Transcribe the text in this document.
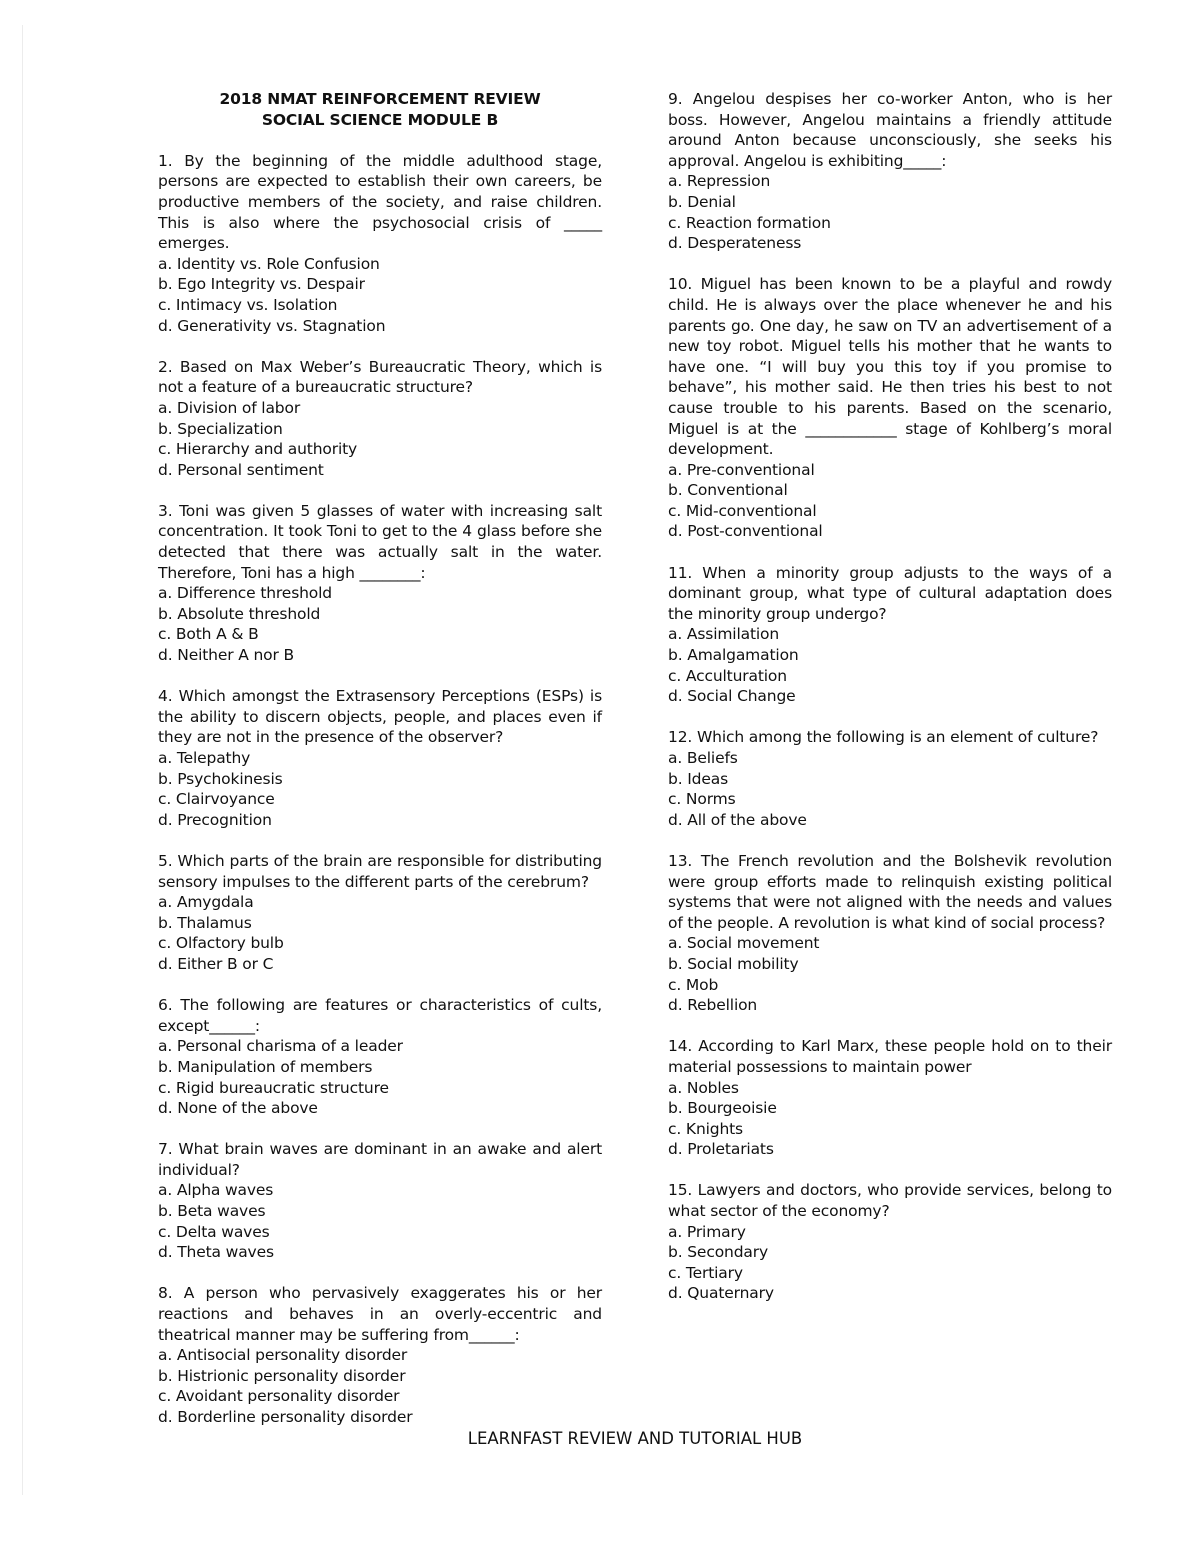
2018 NMAT REINFORCEMENT REVIEW

SOCIAL SCIENCE MODULE B

1. By the beginning of the middle adulthood stage, persons are expected to establish their own careers, be productive members of the society, and raise children. This is also where the psychosocial crisis of _____ emerges.

a. Identity vs. Role Confusion

b. Ego Integrity vs. Despair

c. Intimacy vs. Isolation

d. Generativity vs. Stagnation

2. Based on Max Weber’s Bureaucratic Theory, which is not a feature of a bureaucratic structure?

a. Division of labor

b. Specialization

c. Hierarchy and authority

d. Personal sentiment

3. Toni was given 5 glasses of water with increasing salt concentration. It took Toni to get to the 4 glass before she detected that there was actually salt in the water. Therefore, Toni has a high ________:

a. Difference threshold

b. Absolute threshold

c. Both A & B

d. Neither A nor B

4. Which amongst the Extrasensory Perceptions (ESPs) is the ability to discern objects, people, and places even if they are not in the presence of the observer?

a. Telepathy

b. Psychokinesis

c. Clairvoyance

d. Precognition

5. Which parts of the brain are responsible for distributing sensory impulses to the different parts of the cerebrum?

a. Amygdala

b. Thalamus

c. Olfactory bulb

d. Either B or C

6. The following are features or characteristics of cults, except______:

a. Personal charisma of a leader

b. Manipulation of members

c. Rigid bureaucratic structure

d. None of the above

7. What brain waves are dominant in an awake and alert individual?

a. Alpha waves

b. Beta waves

c. Delta waves

d. Theta waves

8. A person who pervasively exaggerates his or her reactions and behaves in an overly-eccentric and theatrical manner may be suffering from______:

a. Antisocial personality disorder

b. Histrionic personality disorder

c. Avoidant personality disorder

d. Borderline personality disorder

9. Angelou despises her co-worker Anton, who is her boss. However, Angelou maintains a friendly attitude around Anton because unconsciously, she seeks his approval. Angelou is exhibiting_____:

a. Repression

b. Denial

c. Reaction formation

d. Desperateness

10. Miguel has been known to be a playful and rowdy child. He is always over the place whenever he and his parents go. One day, he saw on TV an advertisement of a new toy robot. Miguel tells his mother that he wants to have one. “I will buy you this toy if you promise to behave”, his mother said. He then tries his best to not cause trouble to his parents. Based on the scenario, Miguel is at the ____________ stage of Kohlberg’s moral development.

a. Pre-conventional

b. Conventional

c. Mid-conventional

d. Post-conventional

11. When a minority group adjusts to the ways of a dominant group, what type of cultural adaptation does the minority group undergo?

a. Assimilation

b. Amalgamation

c. Acculturation

d. Social Change

12. Which among the following is an element of culture?

a. Beliefs

b. Ideas

c. Norms

d. All of the above

13. The French revolution and the Bolshevik revolution were group efforts made to relinquish existing political systems that were not aligned with the needs and values of the people. A revolution is what kind of social process?

a. Social movement

b. Social mobility

c. Mob

d. Rebellion

14. According to Karl Marx, these people hold on to their material possessions to maintain power

a. Nobles

b. Bourgeoisie

c. Knights

d. Proletariats

15. Lawyers and doctors, who provide services, belong to what sector of the economy?

a. Primary

b. Secondary

c. Tertiary

d. Quaternary

LEARNFAST REVIEW AND TUTORIAL HUB
